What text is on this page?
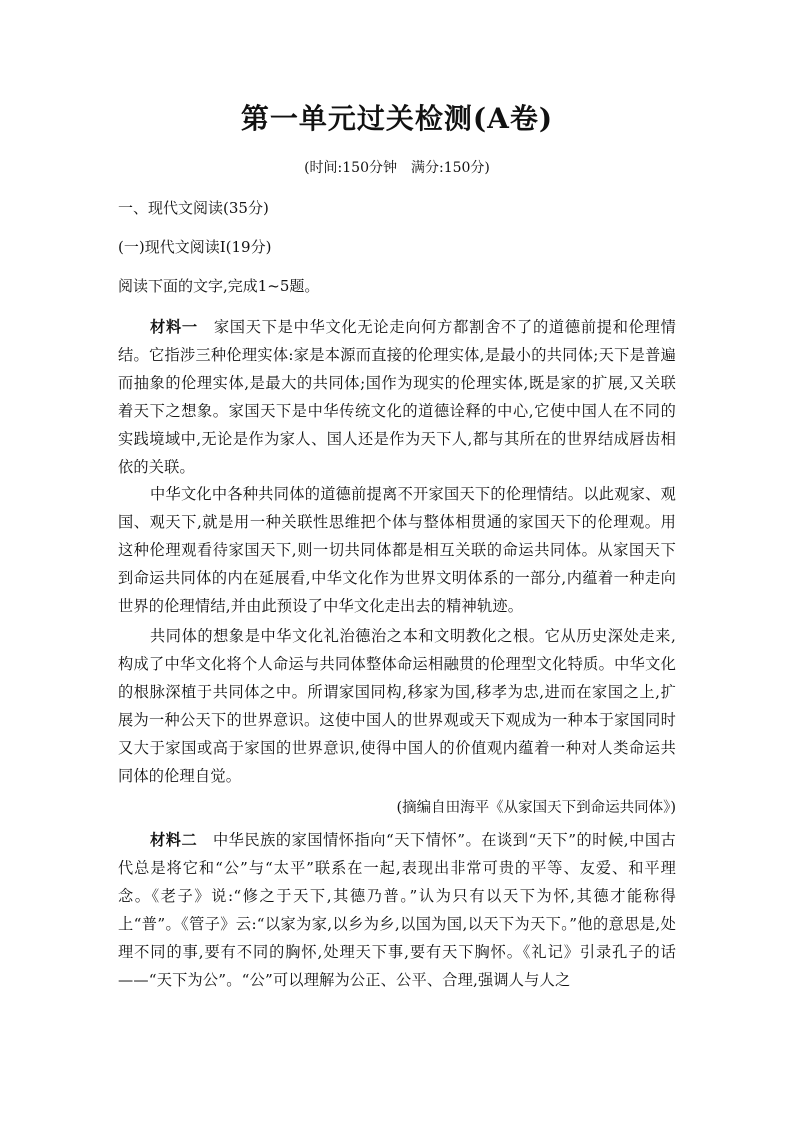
第一单元过关检测(A卷)
(时间:150分钟　满分:150分)
一、现代文阅读(35分)
(一)现代文阅读Ⅰ(19分)
阅读下面的文字,完成1~5题。
材料一　 家国天下是中华文化无论走向何方都割舍不了的道德前提和伦理情结。它指涉三种伦理实体:家是本源而直接的伦理实体,是最小的共同体;天下是普遍而抽象的伦理实体,是最大的共同体;国作为现实的伦理实体,既是家的扩展,又关联着天下之想象。家国天下是中华传统文化的道德诠释的中心,它使中国人在不同的实践境域中,无论是作为家人、国人还是作为天下人,都与其所在的世界结成唇齿相依的关联。
中华文化中各种共同体的道德前提离不开家国天下的伦理情结。以此观家、观国、观天下,就是用一种关联性思维把个体与整体相贯通的家国天下的伦理观。用这种伦理观看待家国天下,则一切共同体都是相互关联的命运共同体。从家国天下到命运共同体的内在延展看,中华文化作为世界文明体系的一部分,内蕴着一种走向世界的伦理情结,并由此预设了中华文化走出去的精神轨迹。
共同体的想象是中华文化礼治德治之本和文明教化之根。它从历史深处走来,构成了中华文化将个人命运与共同体整体命运相融贯的伦理型文化特质。中华文化的根脉深植于共同体之中。所谓家国同构,移家为国,移孝为忠,进而在家国之上,扩展为一种公天下的世界意识。这使中国人的世界观或天下观成为一种本于家国同时又大于家国或高于家国的世界意识,使得中国人的价值观内蕴着一种对人类命运共同体的伦理自觉。
(摘编自田海平《从家国天下到命运共同体》)
材料二　 中华民族的家国情怀指向“天下情怀”。在谈到“天下”的时候,中国古代总是将它和“公”与“太平”联系在一起,表现出非常可贵的平等、友爱、和平理念。《老子》说:“修之于天下,其德乃普。”认为只有以天下为怀,其德才能称得上“普”。《管子》云:“以家为家,以乡为乡,以国为国,以天下为天下。”他的意思是,处理不同的事,要有不同的胸怀,处理天下事,要有天下胸怀。《礼记》引录孔子的话——“天下为公”。“公”可以理解为公正、公平、合理,强调人与人之
